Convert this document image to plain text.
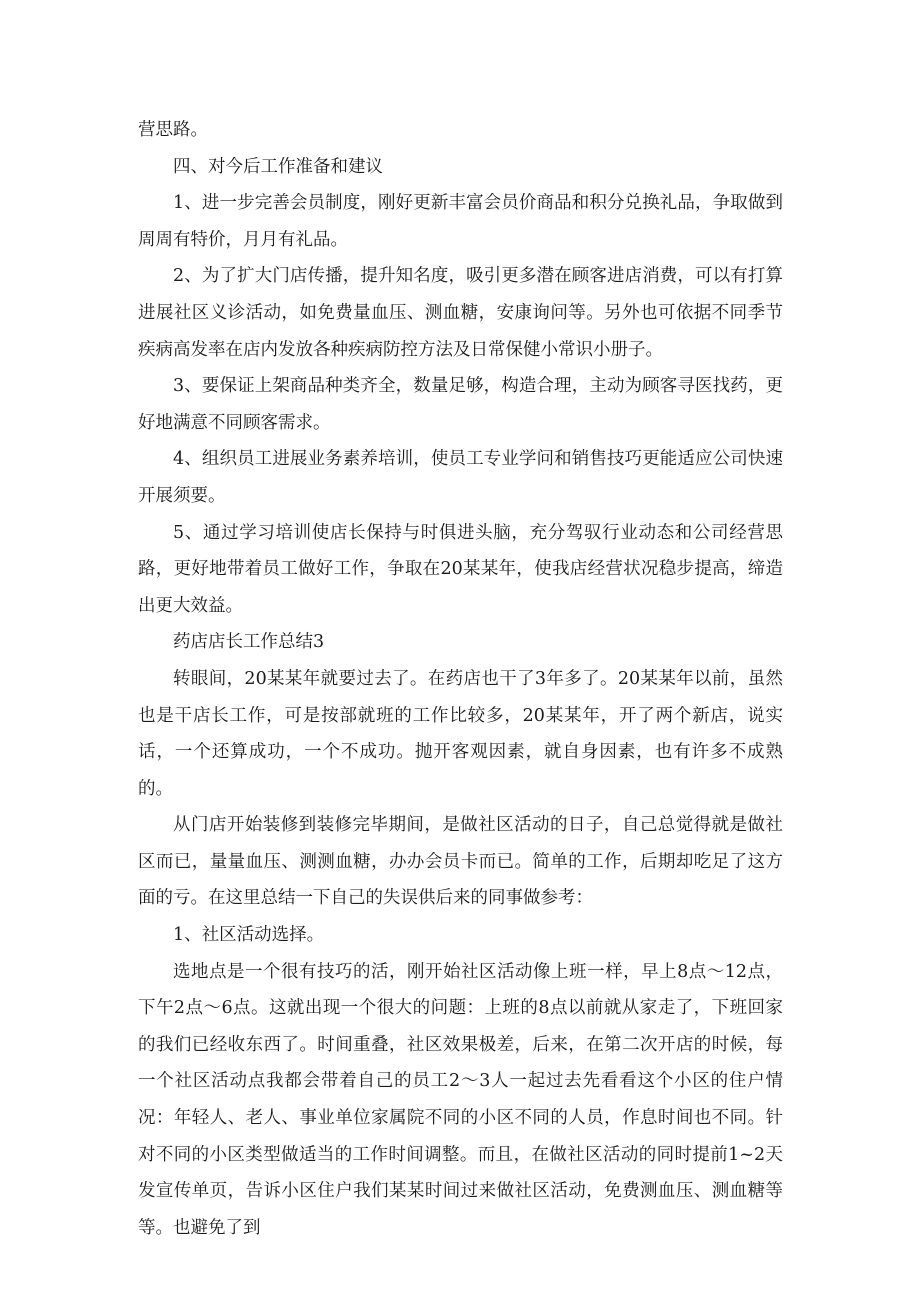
营思路。

四、对今后工作准备和建议

1、进一步完善会员制度，刚好更新丰富会员价商品和积分兑换礼品，争取做到周周有特价，月月有礼品。

2、为了扩大门店传播，提升知名度，吸引更多潜在顾客进店消费，可以有打算进展社区义诊活动，如免费量血压、测血糖，安康询问等。另外也可依据不同季节疾病高发率在店内发放各种疾病防控方法及日常保健小常识小册子。

3、要保证上架商品种类齐全，数量足够，构造合理，主动为顾客寻医找药，更好地满意不同顾客需求。

4、组织员工进展业务素养培训，使员工专业学问和销售技巧更能适应公司快速开展须要。

5、通过学习培训使店长保持与时俱进头脑，充分驾驭行业动态和公司经营思路，更好地带着员工做好工作，争取在20某某年，使我店经营状况稳步提高，缔造出更大效益。

药店店长工作总结3

转眼间，20某某年就要过去了。在药店也干了3年多了。20某某年以前，虽然也是干店长工作，可是按部就班的工作比较多，20某某年，开了两个新店，说实话，一个还算成功，一个不成功。抛开客观因素，就自身因素，也有许多不成熟的。

从门店开始装修到装修完毕期间，是做社区活动的日子，自己总觉得就是做社区而已，量量血压、测测血糖，办办会员卡而已。简单的工作，后期却吃足了这方面的亏。在这里总结一下自己的失误供后来的同事做参考：

1、社区活动选择。

选地点是一个很有技巧的活，刚开始社区活动像上班一样，早上8点～12点，下午2点～6点。这就出现一个很大的问题：上班的8点以前就从家走了，下班回家的我们已经收东西了。时间重叠，社区效果极差，后来，在第二次开店的时候，每一个社区活动点我都会带着自己的员工2～3人一起过去先看看这个小区的住户情况：年轻人、老人、事业单位家属院不同的小区不同的人员，作息时间也不同。针对不同的小区类型做适当的工作时间调整。而且，在做社区活动的同时提前1~2天发宣传单页，告诉小区住户我们某某时间过来做社区活动，免费测血压、测血糖等等。也避免了到
